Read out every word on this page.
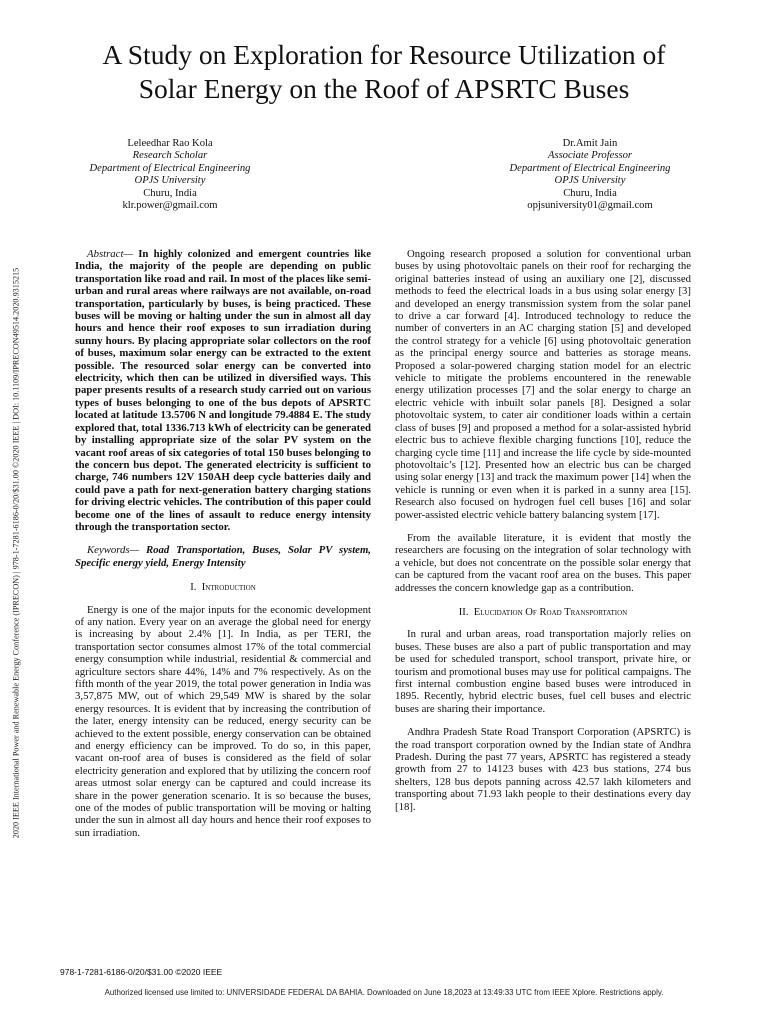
2020 IEEE International Power and Renewable Energy Conference (IPRECON) | 978-1-7281-6186-0/20/$31.00 ©2020 IEEE | DOI: 10.1109/IPRECON49514.2020.9315215
A Study on Exploration for Resource Utilization of
Solar Energy on the Roof of APSRTC Buses
Leleedhar Rao Kola
Research Scholar
Department of Electrical Engineering
OPJS University
Churu, India
klr.power@gmail.com
Dr.Amit Jain
Associate Professor
Department of Electrical Engineering
OPJS University
Churu, India
opjsuniversity01@gmail.com

Abstract— In highly colonized and emergent countries like India, the majority of the people are depending on public transportation like road and rail. In most of the places like semi-urban and rural areas where railways are not available, on-road transportation, particularly by buses, is being practiced. These buses will be moving or halting under the sun in almost all day hours and hence their roof exposes to sun irradiation during sunny hours. By placing appropriate solar collectors on the roof of buses, maximum solar energy can be extracted to the extent possible. The resourced solar energy can be converted into electricity, which then can be utilized in diversified ways. This paper presents results of a research study carried out on various types of buses belonging to one of the bus depots of APSRTC located at latitude 13.5706 N and longitude 79.4884 E. The study explored that, total 1336.713 kWh of electricity can be generated by installing appropriate size of the solar PV system on the vacant roof areas of six categories of total 150 buses belonging to the concern bus depot. The generated electricity is sufficient to charge, 746 numbers 12V 150AH deep cycle batteries daily and could pave a path for next-generation battery charging stations for driving electric vehicles. The contribution of this paper could become one of the lines of assault to reduce energy intensity through the transportation sector.

Keywords— Road Transportation, Buses, Solar PV system, Specific energy yield, Energy Intensity

I. Introduction

Energy is one of the major inputs for the economic development of any nation. Every year on an average the global need for energy is increasing by about 2.4% [1]. In India, as per TERI, the transportation sector consumes almost 17% of the total commercial energy consumption while industrial, residential & commercial and agriculture sectors share 44%, 14% and 7% respectively. As on the fifth month of the year 2019, the total power generation in India was 3,57,875 MW, out of which 29,549 MW is shared by the solar energy resources. It is evident that by increasing the contribution of the later, energy intensity can be reduced, energy security can be achieved to the extent possible, energy conservation can be obtained and energy efficiency can be improved. To do so, in this paper, vacant on-roof area of buses is considered as the field of solar electricity generation and explored that by utilizing the concern roof areas utmost solar energy can be captured and could increase its share in the power generation scenario. It is so because the buses, one of the modes of public transportation will be moving or halting under the sun in almost all day hours and hence their roof exposes to sun irradiation.

Ongoing research proposed a solution for conventional urban buses by using photovoltaic panels on their roof for recharging the original batteries instead of using an auxiliary one [2], discussed methods to feed the electrical loads in a bus using solar energy [3] and developed an energy transmission system from the solar panel to drive a car forward [4]. Introduced technology to reduce the number of converters in an AC charging station [5] and developed the control strategy for a vehicle [6] using photovoltaic generation as the principal energy source and batteries as storage means. Proposed a solar-powered charging station model for an electric vehicle to mitigate the problems encountered in the renewable energy utilization processes [7] and the solar energy to charge an electric vehicle with inbuilt solar panels [8]. Designed a solar photovoltaic system, to cater air conditioner loads within a certain class of buses [9] and proposed a method for a solar-assisted hybrid electric bus to achieve flexible charging functions [10], reduce the charging cycle time [11] and increase the life cycle by side-mounted photovoltaic’s [12]. Presented how an electric bus can be charged using solar energy [13] and track the maximum power [14] when the vehicle is running or even when it is parked in a sunny area [15]. Research also focused on hydrogen fuel cell buses [16] and solar power-assisted electric vehicle battery balancing system [17].

From the available literature, it is evident that mostly the researchers are focusing on the integration of solar technology with a vehicle, but does not concentrate on the possible solar energy that can be captured from the vacant roof area on the buses. This paper addresses the concern knowledge gap as a contribution.

II. Elucidation Of Road Transportation

In rural and urban areas, road transportation majorly relies on buses. These buses are also a part of public transportation and may be used for scheduled transport, school transport, private hire, or tourism and promotional buses may use for political campaigns. The first internal combustion engine based buses were introduced in 1895. Recently, hybrid electric buses, fuel cell buses and electric buses are sharing their importance.

Andhra Pradesh State Road Transport Corporation (APSRTC) is the road transport corporation owned by the Indian state of Andhra Pradesh. During the past 77 years, APSRTC has registered a steady growth from 27 to 14123 buses with 423 bus stations, 274 bus shelters, 128 bus depots panning across 42.57 lakh kilometers and transporting about 71.93 lakh people to their destinations every day [18].

978-1-7281-6186-0/20/$31.00 ©2020 IEEE
Authorized licensed use limited to: UNIVERSIDADE FEDERAL DA BAHIA. Downloaded on June 18,2023 at 13:49:33 UTC from IEEE Xplore. Restrictions apply.
